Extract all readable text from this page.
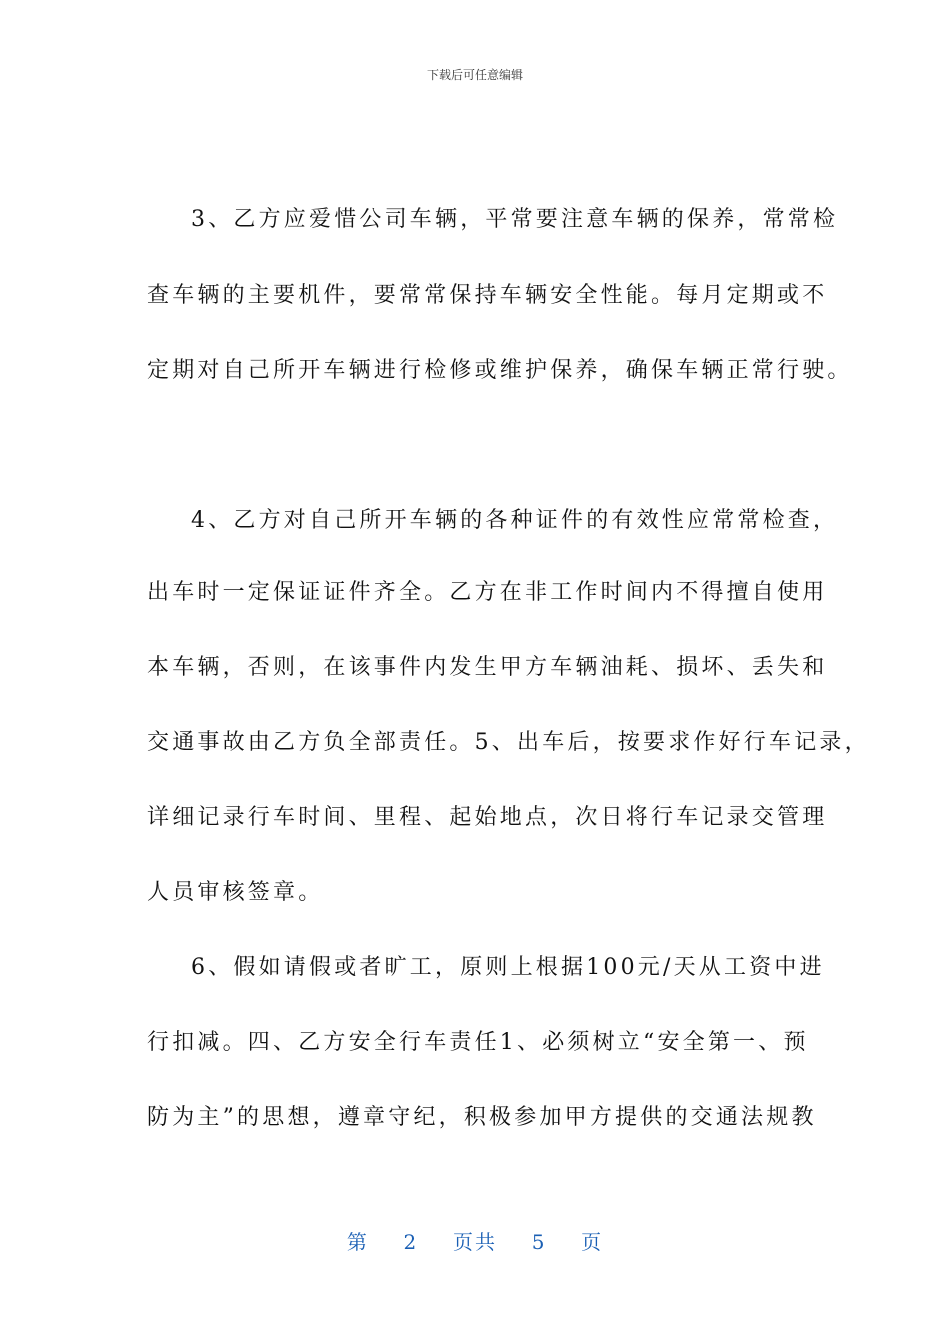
下载后可任意编辑
3、乙方应爱惜公司车辆，平常要注意车辆的保养，常常检
查车辆的主要机件，要常常保持车辆安全性能。每月定期或不
定期对自己所开车辆进行检修或维护保养，确保车辆正常行驶。
4、乙方对自己所开车辆的各种证件的有效性应常常检查，
出车时一定保证证件齐全。乙方在非工作时间内不得擅自使用
本车辆，否则，在该事件内发生甲方车辆油耗、损坏、丢失和
交通事故由乙方负全部责任。5、出车后，按要求作好行车记录，
详细记录行车时间、里程、起始地点，次日将行车记录交管理
人员审核签章。
6、假如请假或者旷工，原则上根据100元/天从工资中进
行扣减。四、乙方安全行车责任1、必须树立“安全第一、预
防为主”的思想，遵章守纪，积极参加甲方提供的交通法规教
第 2 页共 5 页
